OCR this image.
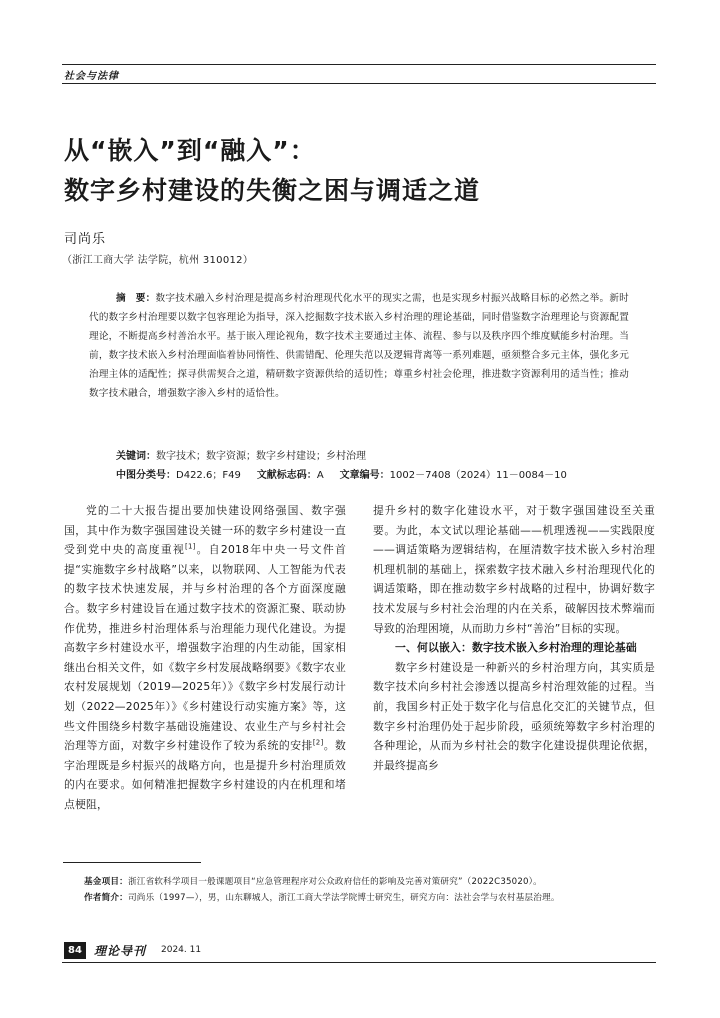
社会与法律
从“嵌入”到“融入”：
数字乡村建设的失衡之困与调适之道
司尚乐
（浙江工商大学 法学院，杭州 310012）
摘　要：数字技术融入乡村治理是提高乡村治理现代化水平的现实之需，也是实现乡村振兴战略目标的必然之举。新时代的数字乡村治理要以数字包容理论为指导，深入挖掘数字技术嵌入乡村治理的理论基础，同时借鉴数字治理理论与资源配置理论，不断提高乡村善治水平。基于嵌入理论视角，数字技术主要通过主体、流程、参与以及秩序四个维度赋能乡村治理。当前，数字技术嵌入乡村治理面临着协同惰性、供需错配、伦理失范以及逻辑背离等一系列难题，亟须整合多元主体，强化多元治理主体的适配性；探寻供需契合之道，精研数字资源供给的适切性；尊重乡村社会伦理，推进数字资源利用的适当性；推动数字技术融合，增强数字渗入乡村的适恰性。
关键词：数字技术；数字资源；数字乡村建设；乡村治理
中图分类号：D422.6；F49 文献标志码：A 文章编号：1002－7408（2024）11－0084－10

党的二十大报告提出要加快建设网络强国、数字强国，其中作为数字强国建设关键一环的数字乡村建设一直受到党中央的高度重视[1]。自2018年中央一号文件首提“实施数字乡村战略”以来，以物联网、人工智能为代表的数字技术快速发展，并与乡村治理的各个方面深度融合。数字乡村建设旨在通过数字技术的资源汇聚、联动协作优势，推进乡村治理体系与治理能力现代化建设。为提高数字乡村建设水平，增强数字治理的内生动能，国家相继出台相关文件，如《数字乡村发展战略纲要》《数字农业农村发展规划（2019—2025年）》《数字乡村发展行动计划（2022—2025年）》《乡村建设行动实施方案》等，这些文件围绕乡村数字基础设施建设、农业生产与乡村社会治理等方面，对数字乡村建设作了较为系统的安排[2]。数字治理既是乡村振兴的战略方向，也是提升乡村治理质效的内在要求。如何精准把握数字乡村建设的内在机理和堵点梗阻，

提升乡村的数字化建设水平，对于数字强国建设至关重要。为此，本文试以理论基础——机理透视——实践限度——调适策略为逻辑结构，在厘清数字技术嵌入乡村治理机理机制的基础上，探索数字技术融入乡村治理现代化的调适策略，即在推动数字乡村战略的过程中，协调好数字技术发展与乡村社会治理的内在关系，破解因技术弊端而导致的治理困境，从而助力乡村“善治”目标的实现。

一、何以嵌入：数字技术嵌入乡村治理的理论基础

数字乡村建设是一种新兴的乡村治理方向，其实质是数字技术向乡村社会渗透以提高乡村治理效能的过程。当前，我国乡村正处于数字化与信息化交汇的关键节点，但数字乡村治理仍处于起步阶段，亟须统筹数字乡村治理的各种理论，从而为乡村社会的数字化建设提供理论依据，并最终提高乡

基金项目：浙江省软科学项目一般课题项目“应急管理程序对公众政府信任的影响及完善对策研究”（2022C35020）。
作者简介：司尚乐（1997—），男，山东聊城人，浙江工商大学法学院博士研究生，研究方向：法社会学与农村基层治理。
84	理论导刊 2024. 11
